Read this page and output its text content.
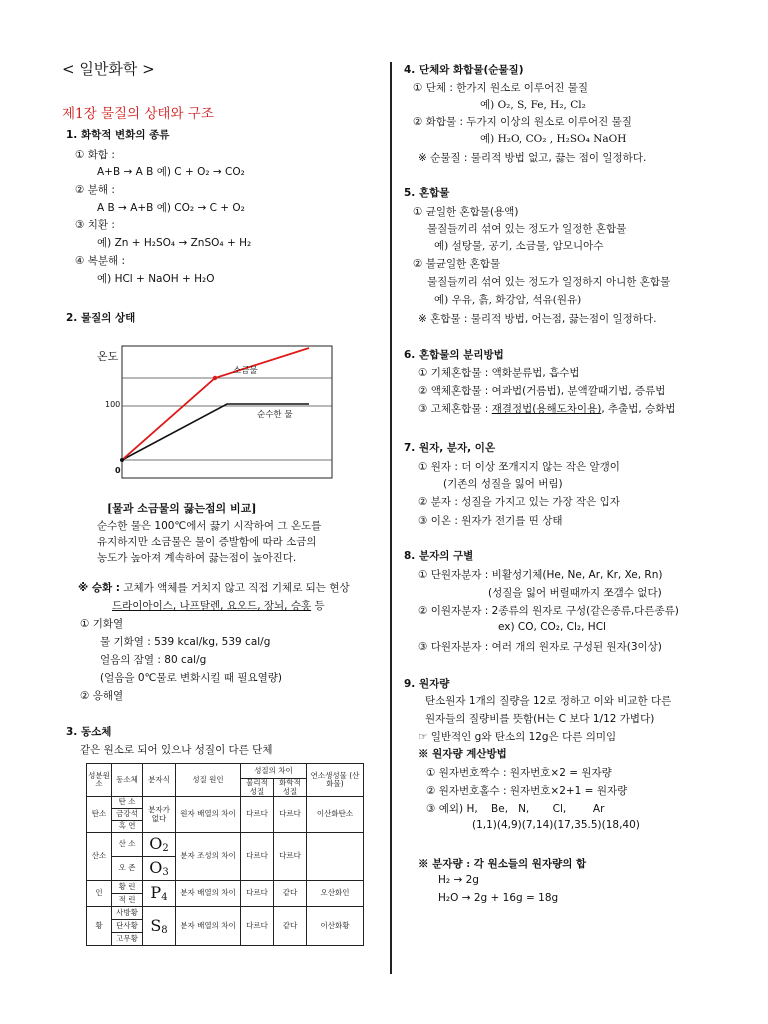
< 일반화학 >
제1장 물질의 상태와 구조
1. 화학적 변화의 종류
① 화합 :
A+B → A B 예) C + O₂ → CO₂
② 분해 :
A B → A+B 예) CO₂ → C + O₂
③ 치환 :
예) Zn + H₂SO₄ → ZnSO₄ + H₂
④ 복분해 :
예) HCl + NaOH + H₂O
2. 물질의 상태
온도
100
0
소금물
순수한 물
[물과 소금물의 끓는점의 비교]
순수한 물은 100℃에서 끓기 시작하여 그 온도를
유지하지만 소금물은 물이 증발함에 따라 소금의
농도가 높아져 계속하여 끓는점이 높아진다.
※ 승화 : 고체가 액체를 거치지 않고 직접 기체로 되는 현상
드라이아이스, 나프탈렌, 요오드, 장뇌, 승홍 등
① 기화열
물 기화열 : 539 kcal/kg, 539 cal/g
얼음의 잠열 : 80 cal/g
(얼음을 0℃물로 변화시킬 때 필요열량)
② 응해열
3. 동소체
같은 원소로 되어 있으나 성질이 다른 단체
성분원소	동소체	분자식	성질 원인	성질의 차이		연소생성물 (산화물)
				물리적 성질	화학적 성질	
탄소	탄 소	분자가 없다	원자 배열의 차이	다르다	다르다	이산화탄소
	금강석					
	흑 연					
산소	산 소	$O_2$	분자 조성의 차이	다르다	다르다	
	오 존	$O_3$
인	황 린	$P_4$	분자 배열의 차이	다르다	같다	오산화인
	적 린					
황	사방황	$S_8$	분자 배열의 차이	다르다	같다	이산화황
	단사황					
	고무황					
4. 단체와 화합물(순물질)
① 단체 : 한가지 원소로 이루어진 물질
예) O₂, S, Fe, H₂, Cl₂
② 화합물 : 두가지 이상의 원소로 이루어진 물질
예) H₂O, CO₂ , H₂SO₄ NaOH
※ 순물질 : 물리적 방법 없고, 끓는 점이 일정하다.
5. 혼합물
① 균일한 혼합물(용액)
물질들끼리 섞여 있는 정도가 일정한 혼합물
예) 설탕물, 공기, 소금물, 암모니아수
② 불균일한 혼합물
물질들끼리 섞여 있는 정도가 일정하지 아니한 혼합물
예) 우유, 흙, 화강암, 석유(원유)
※ 혼합물 : 물리적 방법, 어는점, 끓는점이 일정하다.
6. 혼합물의 분리방법
① 기체혼합물 : 액화분류법, 흡수법
② 액체혼합물 : 여과법(거름법), 분액깔때기법, 증류법
③ 고체혼합물 : 재결정법(용해도차이용), 추출법, 승화법
7. 원자, 분자, 이온
① 원자 : 더 이상 쪼개지지 않는 작은 알갱이
(기존의 성질을 잃어 버림)
② 분자 : 성질을 가지고 있는 가장 작은 입자
③ 이온 : 원자가 전기를 띤 상태
8. 분자의 구별
① 단원자분자 : 비활성기체(He, Ne, Ar, Kr, Xe, Rn)
(성질을 잃어 버릴때까지 쪼갬수 없다)
② 이원자분자 : 2종류의 원자로 구성(같은종류,다른종류)
ex) CO, CO₂, Cl₂, HCl
③ 다원자분자 : 여러 개의 원자로 구성된 원자(3이상)
9. 원자량
탄소원자 1개의 질량을 12로 정하고 이와 비교한 다른
원자들의 질량비를 뜻함(H는 C 보다 1/12 가볍다)
☞ 일반적인 g와 탄소의 12g은 다른 의미임
※ 원자량 계산방법
① 원자번호짝수 : 원자번호×2 = 원자량
② 원자번호홀수 : 원자번호×2+1 = 원자량
③ 예외) H,    Be,   N,       Cl,        Ar
(1,1)(4,9)(7,14)(17,35.5)(18,40)
※ 분자량 : 각 원소들의 원자량의 합
H₂ → 2g
H₂O → 2g + 16g = 18g
